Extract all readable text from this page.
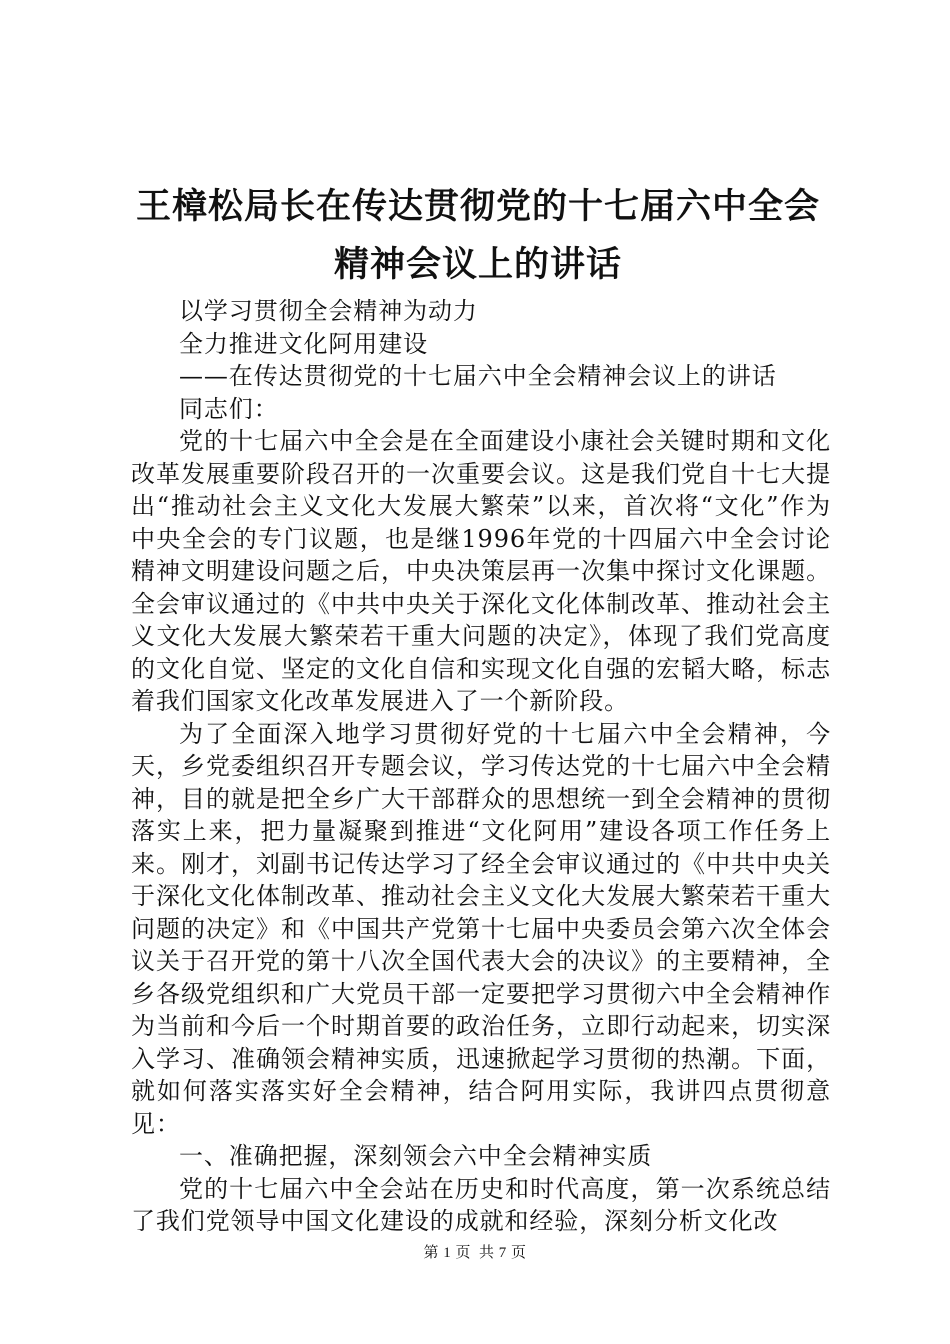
王樟松局长在传达贯彻党的十七届六中全会精神会议上的讲话

以学习贯彻全会精神为动力

全力推进文化阿用建设

——在传达贯彻党的十七届六中全会精神会议上的讲话

同志们：

党的十七届六中全会是在全面建设小康社会关键时期和文化改革发展重要阶段召开的一次重要会议。这是我们党自十七大提出“推动社会主义文化大发展大繁荣”以来，首次将“文化”作为中央全会的专门议题，也是继1996年党的十四届六中全会讨论精神文明建设问题之后，中央决策层再一次集中探讨文化课题。全会审议通过的《中共中央关于深化文化体制改革、推动社会主义文化大发展大繁荣若干重大问题的决定》，体现了我们党高度的文化自觉、坚定的文化自信和实现文化自强的宏韬大略，标志着我们国家文化改革发展进入了一个新阶段。

为了全面深入地学习贯彻好党的十七届六中全会精神，今天，乡党委组织召开专题会议，学习传达党的十七届六中全会精神，目的就是把全乡广大干部群众的思想统一到全会精神的贯彻落实上来，把力量凝聚到推进“文化阿用”建设各项工作任务上来。刚才，刘副书记传达学习了经全会审议通过的《中共中央关于深化文化体制改革、推动社会主义文化大发展大繁荣若干重大问题的决定》和《中国共产党第十七届中央委员会第六次全体会议关于召开党的第十八次全国代表大会的决议》的主要精神，全乡各级党组织和广大党员干部一定要把学习贯彻六中全会精神作为当前和今后一个时期首要的政治任务，立即行动起来，切实深入学习、准确领会精神实质，迅速掀起学习贯彻的热潮。下面，就如何落实落实好全会精神，结合阿用实际，我讲四点贯彻意见：

一、准确把握，深刻领会六中全会精神实质

党的十七届六中全会站在历史和时代高度，第一次系统总结了我们党领导中国文化建设的成就和经验，深刻分析文化改

第 1 页 共 7 页
